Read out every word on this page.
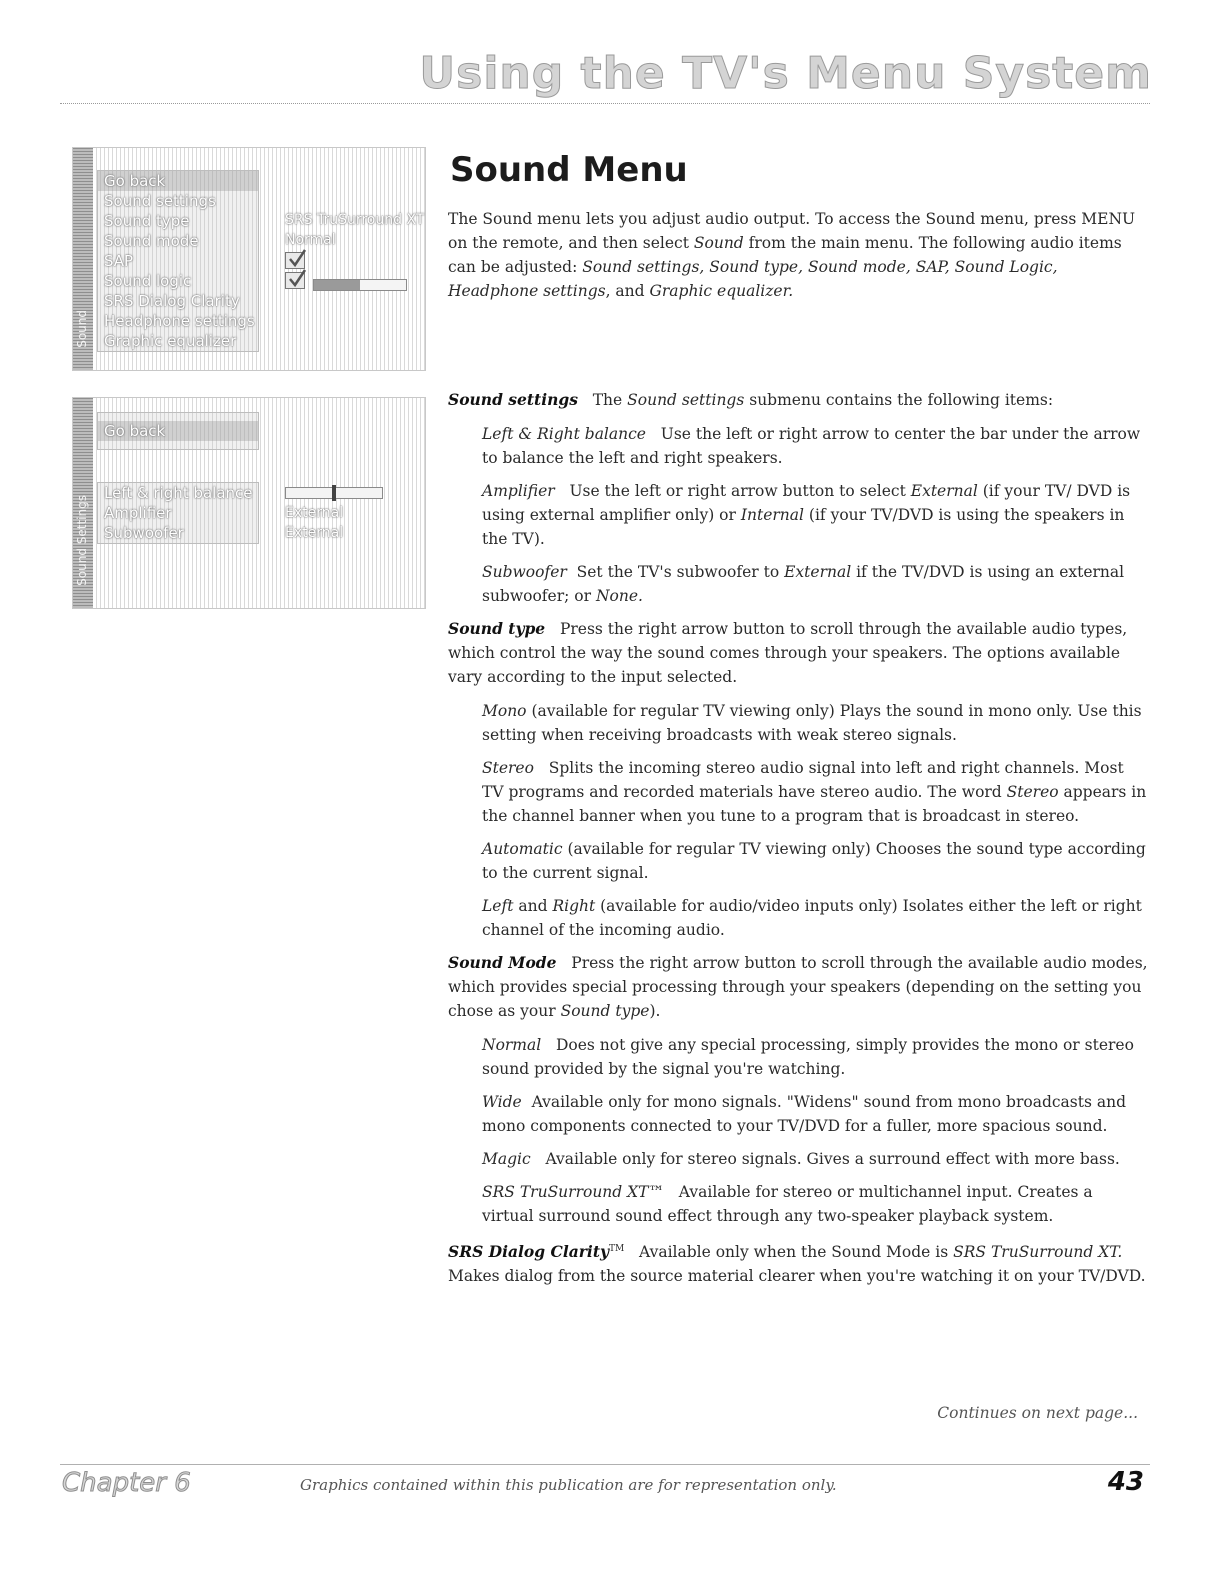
Using the TV's Menu System
Sound
Go back
Sound settings
Sound type
Sound mode
SAP
Sound logic
SRS Dialog Clarity
Headphone settings
Graphic equalizer
SRS TruSurround XT
Normal

Sound Settings
Go back
Left & right balance
Amplifier
Subwoofer
External
External
Sound Menu

The Sound menu lets you adjust audio output. To access the Sound menu, press MENU on the remote, and then select Sound from the main menu. The following audio items can be adjusted: Sound settings, Sound type, Sound mode, SAP, Sound Logic, Headphone settings, and Graphic equalizer.

Sound settings The Sound settings submenu contains the following items:

Left & Right balance Use the left or right arrow to center the bar under the arrow to balance the left and right speakers.

Amplifier Use the left or right arrow button to select External (if your TV/ DVD is using external amplifier only) or Internal (if your TV/DVD is using the speakers in the TV).

Subwoofer Set the TV's subwoofer to External if the TV/DVD is using an external subwoofer; or None.

Sound type Press the right arrow button to scroll through the available audio types, which control the way the sound comes through your speakers. The options available vary according to the input selected.

Mono (available for regular TV viewing only) Plays the sound in mono only. Use this setting when receiving broadcasts with weak stereo signals.

Stereo Splits the incoming stereo audio signal into left and right channels. Most TV programs and recorded materials have stereo audio. The word Stereo appears in the channel banner when you tune to a program that is broadcast in stereo.

Automatic (available for regular TV viewing only) Chooses the sound type according to the current signal.

Left and Right (available for audio/video inputs only) Isolates either the left or right channel of the incoming audio.

Sound Mode Press the right arrow button to scroll through the available audio modes, which provides special processing through your speakers (depending on the setting you chose as your Sound type).

Normal Does not give any special processing, simply provides the mono or stereo sound provided by the signal you're watching.

Wide Available only for mono signals. "Widens" sound from mono broadcasts and mono components connected to your TV/DVD for a fuller, more spacious sound.

Magic Available only for stereo signals. Gives a surround effect with more bass.

SRS TruSurround XT™ Available for stereo or multichannel input. Creates a virtual surround sound effect through any two-speaker playback system.

SRS Dialog Clarity™ Available only when the Sound Mode is SRS TruSurround XT. Makes dialog from the source material clearer when you're watching it on your TV/DVD.

Continues on next page...
Chapter 6	Graphics contained within this publication are for representation only.	43
